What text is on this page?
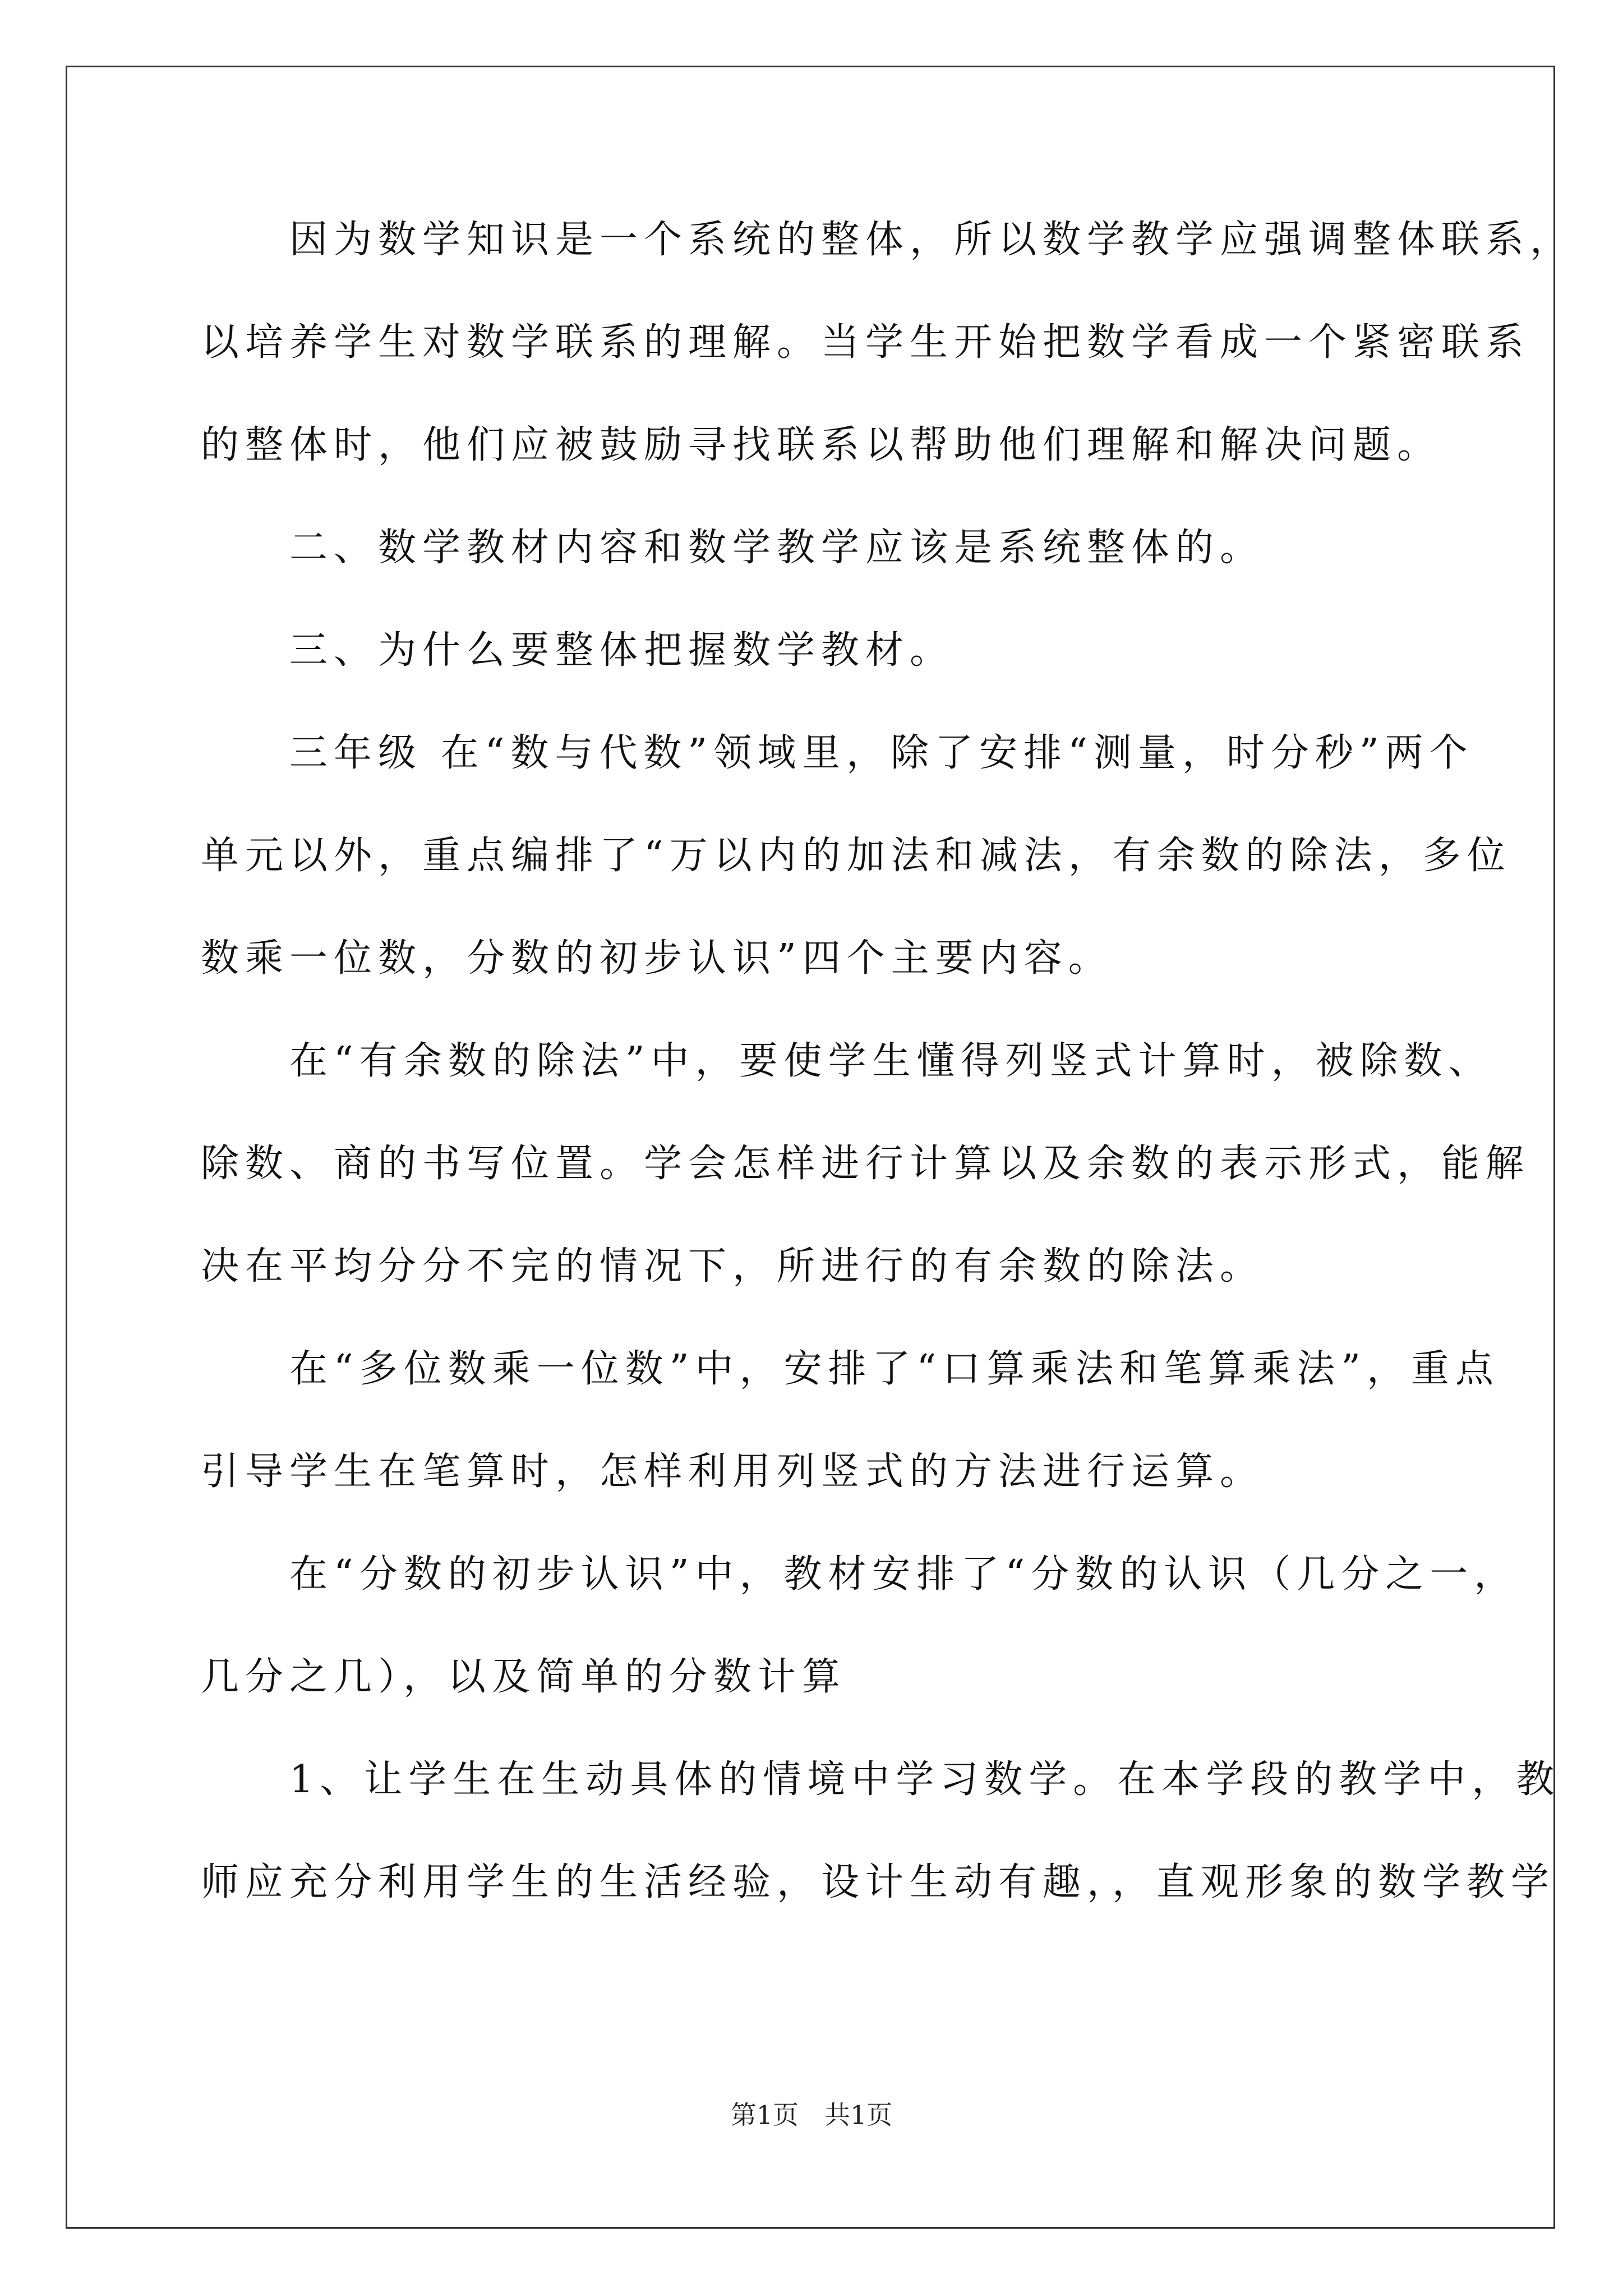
　　因为数学知识是一个系统的整体，所以数学教学应强调整体联系，
以培养学生对数学联系的理解。当学生开始把数学看成一个紧密联系
的整体时，他们应被鼓励寻找联系以帮助他们理解和解决问题。
　　二、数学教材内容和数学教学应该是系统整体的。
　　三、为什么要整体把握数学教材。
　　三年级 在“数与代数”领域里，除了安排“测量，时分秒”两个
单元以外，重点编排了“万以内的加法和减法，有余数的除法，多位
数乘一位数，分数的初步认识”四个主要内容。
　　在“有余数的除法”中，要使学生懂得列竖式计算时，被除数、
除数、商的书写位置。学会怎样进行计算以及余数的表示形式，能解
决在平均分分不完的情况下，所进行的有余数的除法。
　　在“多位数乘一位数”中，安排了“口算乘法和笔算乘法”，重点
引导学生在笔算时，怎样利用列竖式的方法进行运算。
　　在“分数的初步认识”中，教材安排了“分数的认识（几分之一，
几分之几），以及简单的分数计算
　　1、让学生在生动具体的情境中学习数学。在本学段的教学中，教
师应充分利用学生的生活经验，设计生动有趣，，直观形象的数学教学
第1页 共1页
